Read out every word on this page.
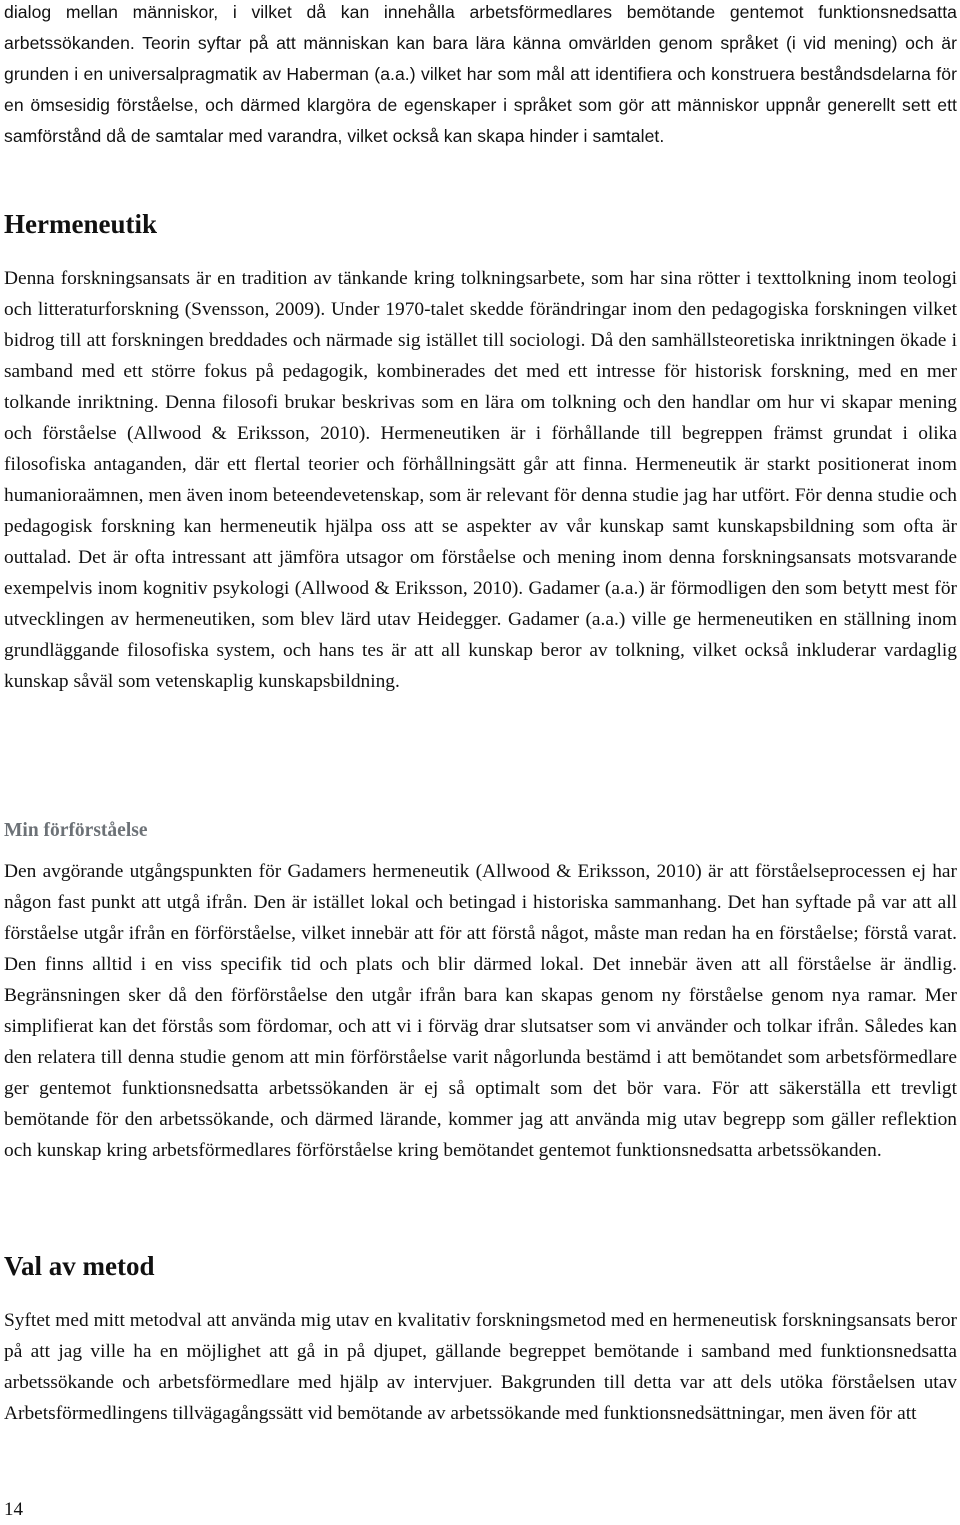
dialog mellan människor, i vilket då kan innehålla arbetsförmedlares bemötande gentemot funktionsnedsatta arbetssökanden. Teorin syftar på att människan kan bara lära känna omvärlden genom språket (i vid mening) och är grunden i en universalpragmatik av Haberman (a.a.) vilket har som mål att identifiera och konstruera beståndsdelarna för en ömsesidig förståelse, och därmed klargöra de egenskaper i språket som gör att människor uppnår generellt sett ett samförstånd då de samtalar med varandra, vilket också kan skapa hinder i samtalet.

Hermeneutik

Denna forskningsansats är en tradition av tänkande kring tolkningsarbete, som har sina rötter i texttolkning inom teologi och litteraturforskning (Svensson, 2009). Under 1970-talet skedde förändringar inom den pedagogiska forskningen vilket bidrog till att forskningen breddades och närmade sig istället till sociologi. Då den samhällsteoretiska inriktningen ökade i samband med ett större fokus på pedagogik, kombinerades det med ett intresse för historisk forskning, med en mer tolkande inriktning. Denna filosofi brukar beskrivas som en lära om tolkning och den handlar om hur vi skapar mening och förståelse (Allwood & Eriksson, 2010). Hermeneutiken är i förhållande till begreppen främst grundat i olika filosofiska antaganden, där ett flertal teorier och förhållningsätt går att finna. Hermeneutik är starkt positionerat inom humanioraämnen, men även inom beteendevetenskap, som är relevant för denna studie jag har utfört. För denna studie och pedagogisk forskning kan hermeneutik hjälpa oss att se aspekter av vår kunskap samt kunskapsbildning som ofta är outtalad. Det är ofta intressant att jämföra utsagor om förståelse och mening inom denna forskningsansats motsvarande exempelvis inom kognitiv psykologi (Allwood & Eriksson, 2010). Gadamer (a.a.) är förmodligen den som betytt mest för utvecklingen av hermeneutiken, som blev lärd utav Heidegger. Gadamer (a.a.) ville ge hermeneutiken en ställning inom grundläggande filosofiska system, och hans tes är att all kunskap beror av tolkning, vilket också inkluderar vardaglig kunskap såväl som vetenskaplig kunskapsbildning.

Min förförståelse

Den avgörande utgångspunkten för Gadamers hermeneutik (Allwood & Eriksson, 2010) är att förståelseprocessen ej har någon fast punkt att utgå ifrån. Den är istället lokal och betingad i historiska sammanhang. Det han syftade på var att all förståelse utgår ifrån en förförståelse, vilket innebär att för att förstå något, måste man redan ha en förståelse; förstå varat. Den finns alltid i en viss specifik tid och plats och blir därmed lokal. Det innebär även att all förståelse är ändlig. Begränsningen sker då den förförståelse den utgår ifrån bara kan skapas genom ny förståelse genom nya ramar. Mer simplifierat kan det förstås som fördomar, och att vi i förväg drar slutsatser som vi använder och tolkar ifrån. Således kan den relatera till denna studie genom att min förförståelse varit någorlunda bestämd i att bemötandet som arbetsförmedlare ger gentemot funktionsnedsatta arbetssökanden är ej så optimalt som det bör vara. För att säkerställa ett trevligt bemötande för den arbetssökande, och därmed lärande, kommer jag att använda mig utav begrepp som gäller reflektion och kunskap kring arbetsförmedlares förförståelse kring bemötandet gentemot funktionsnedsatta arbetssökanden.

Val av metod

Syftet med mitt metodval att använda mig utav en kvalitativ forskningsmetod med en hermeneutisk forskningsansats beror på att jag ville ha en möjlighet att gå in på djupet, gällande begreppet bemötande i samband med funktionsnedsatta arbetssökande och arbetsförmedlare med hjälp av intervjuer. Bakgrunden till detta var att dels utöka förståelsen utav Arbetsförmedlingens tillvägagångssätt vid bemötande av arbetssökande med funktionsnedsättningar, men även för att

14
